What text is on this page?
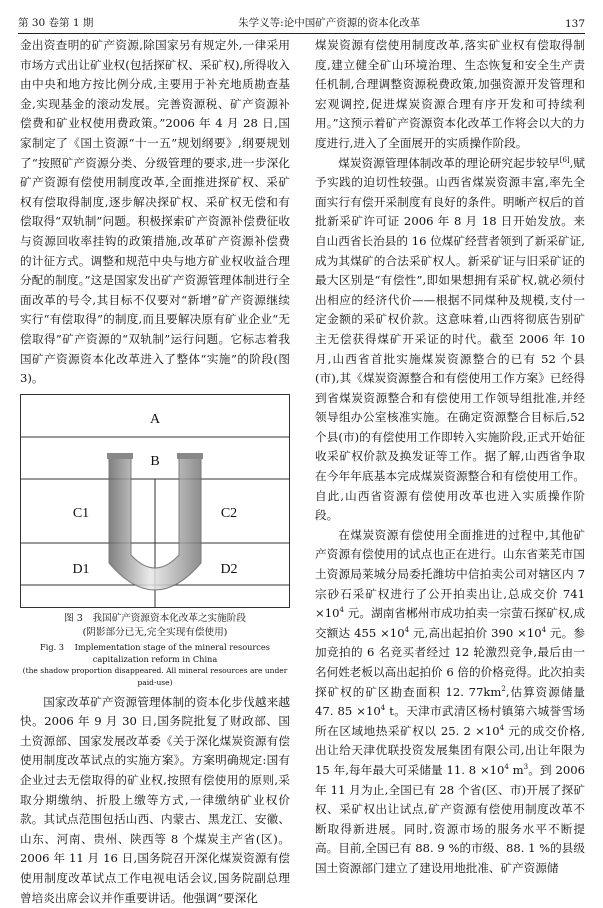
第 30 卷第 1 期	朱学义等:论中国矿产资源的资本化改革	137

金出资查明的矿产资源,除国家另有规定外,一律采用市场方式出让矿业权(包括探矿权、采矿权),所得收入由中央和地方按比例分成,主要用于补充地质勘查基金,实现基金的滚动发展。完善资源税、矿产资源补偿费和矿业权使用费政策。”2006 年 4 月 28 日,国家制定了《国土资源“十一五”规划纲要》,纲要规划了“按照矿产资源分类、分级管理的要求,进一步深化矿产资源有偿使用制度改革,全面推进探矿权、采矿权有偿取得制度,逐步解决探矿权、采矿权无偿和有偿取得“双轨制”问题。积极探索矿产资源补偿费征收与资源回收率挂钩的政策措施,改革矿产资源补偿费的计征方式。调整和规范中央与地方矿业权收益合理分配的制度。”这是国家发出矿产资源管理体制进行全面改革的号令,其目标不仅要对“新增”矿产资源继续实行“有偿取得”的制度,而且要解决原有矿业企业“无偿取得”矿产资源的“双轨制”运行问题。它标志着我国矿产资源资本化改革进入了整体“实施”的阶段(图 3)。

A
B
C1	C2
D1	D2
图 3　我国矿产资源资本化改革之实施阶段
(阴影部分已无,完全实现有偿使用)
Fig. 3 Implementation stage of the mineral resources
capitalization reform in China
(the shadow proportion disappeared. All mineral resources are under paid-use)

国家改革矿产资源管理体制的资本化步伐越来越快。2006 年 9 月 30 日,国务院批复了财政部、国土资源部、国家发展改革委《关于深化煤炭资源有偿使用制度改革试点的实施方案》。方案明确规定:国有企业过去无偿取得的矿业权,按照有偿使用的原则,采取分期缴纳、折股上缴等方式,一律缴纳矿业权价款。其试点范围包括山西、内蒙古、黑龙江、安徽、山东、河南、贵州、陕西等 8 个煤炭主产省(区)。2006 年 11 月 16 日,国务院召开深化煤炭资源有偿使用制度改革试点工作电视电话会议,国务院副总理曾培炎出席会议并作重要讲话。他强调“要深化

煤炭资源有偿使用制度改革,落实矿业权有偿取得制度,建立健全矿山环境治理、生态恢复和安全生产责任机制,合理调整资源税费政策,加强资源开发管理和宏观调控,促进煤炭资源合理有序开发和可持续利用。”这预示着矿产资源资本化改革工作将会以大的力度进行,进入了全面展开的实质操作阶段。

煤炭资源管理体制改革的理论研究起步较早[6],赋予实践的迫切性较强。山西省煤炭资源丰富,率先全面实行有偿开采制度有良好的条件。明晰产权后的首批新采矿许可证 2006 年 8 月 18 日开始发放。来自山西省长治县的 16 位煤矿经营者领到了新采矿证,成为其煤矿的合法采矿权人。新采矿证与旧采矿证的最大区别是“有偿性”,即如果想拥有采矿权,就必须付出相应的经济代价——根据不同煤种及规模,支付一定金额的采矿权价款。这意味着,山西将彻底告别矿主无偿获得煤矿开采证的时代。截至 2006 年 10 月,山西省首批实施煤炭资源整合的已有 52 个县(市),其《煤炭资源整合和有偿使用工作方案》已经得到省煤炭资源整合和有偿使用工作领导组批准,并经领导组办公室核准实施。在确定资源整合目标后,52 个县(市)的有偿使用工作即转入实施阶段,正式开始征收采矿权价款及换发证等工作。据了解,山西省争取在今年年底基本完成煤炭资源整合和有偿使用工作。自此,山西省资源有偿使用改革也进入实质操作阶段。

在煤炭资源有偿使用全面推进的过程中,其他矿产资源有偿使用的试点也正在进行。山东省莱芜市国土资源局莱城分局委托潍坊中信拍卖公司对辖区内 7 宗砂石采矿权进行了公开拍卖出让,总成交价 $741 \times 10^4$ 元。湖南省郴州市成功拍卖一宗萤石探矿权,成交额达 $455 \times 10^4$ 元,高出起拍价 $390 \times 10^4$ 元。参加竞拍的 6 名竞买者经过 12 轮激烈竞争,最后由一名何姓老板以高出起拍价 6 倍的价格竞得。此次拍卖探矿权的矿区勘查面积 12. $77km^2$,估算资源储量 47. $85 \times 10^4$ t。天津市武清区杨村镇第六城誉雪场所在区域地热采矿权以 25. $2 \times 10^4$ 元的成交价格,出让给天津优联投资发展集团有限公司,出让年限为 15 年,每年最大可采储量 11. $8 \times 10^4$ $m^3$。到 2006 年 11 月为止,全国已有 28 个省(区、市)开展了探矿权、采矿权出让试点,矿产资源有偿使用制度改革不断取得新进展。同时,资源市场的服务水平不断提高。目前,全国已有 88. 9 %的市级、88. 1 %的县级国土资源部门建立了建设用地批准、矿产资源储
